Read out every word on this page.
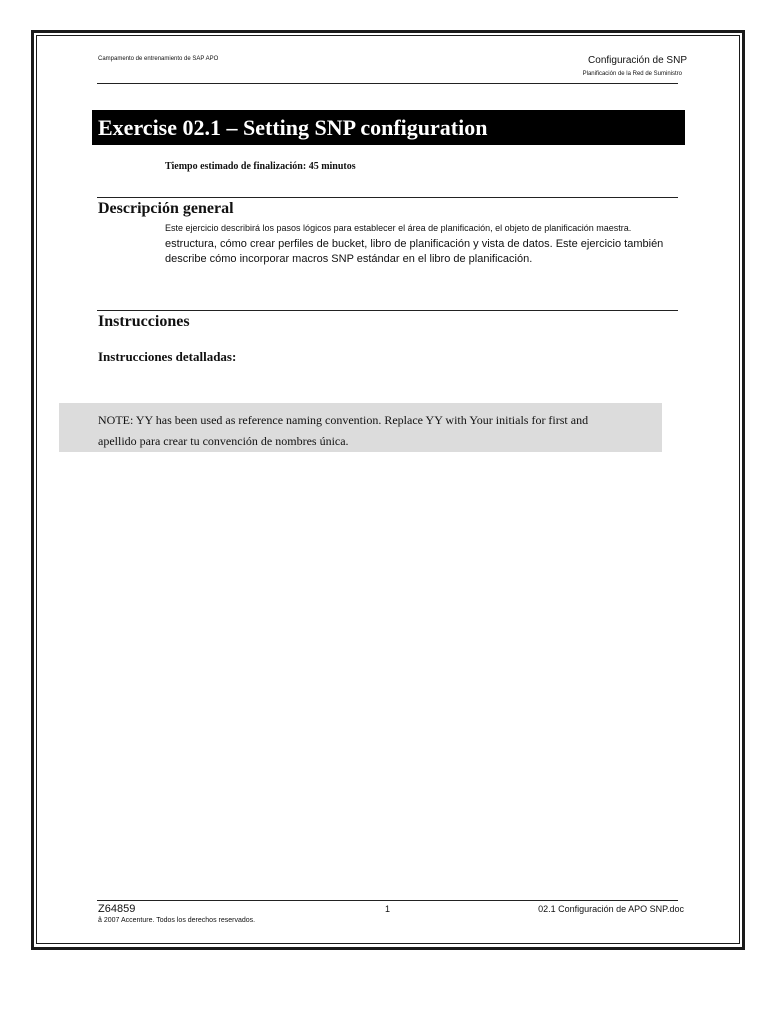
Campamento de entrenamiento de SAP APO	Configuración de SNP
Planificación de la Red de Suministro
Exercise 02.1 – Setting SNP configuration
Tiempo estimado de finalización: 45 minutos
Descripción general
Este ejercicio describirá los pasos lógicos para establecer el área de planificación, el objeto de planificación maestra.
estructura, cómo crear perfiles de bucket, libro de planificación y vista de datos. Este ejercicio también
describe cómo incorporar macros SNP estándar en el libro de planificación.
Instrucciones
Instrucciones detalladas:
NOTE: YY has been used as reference naming convention. Replace YY with Your initials for first and
apellido para crear tu convención de nombres única.
Z64859
â 2007 Accenture. Todos los derechos reservados.
1	02.1 Configuración de APO SNP.doc
